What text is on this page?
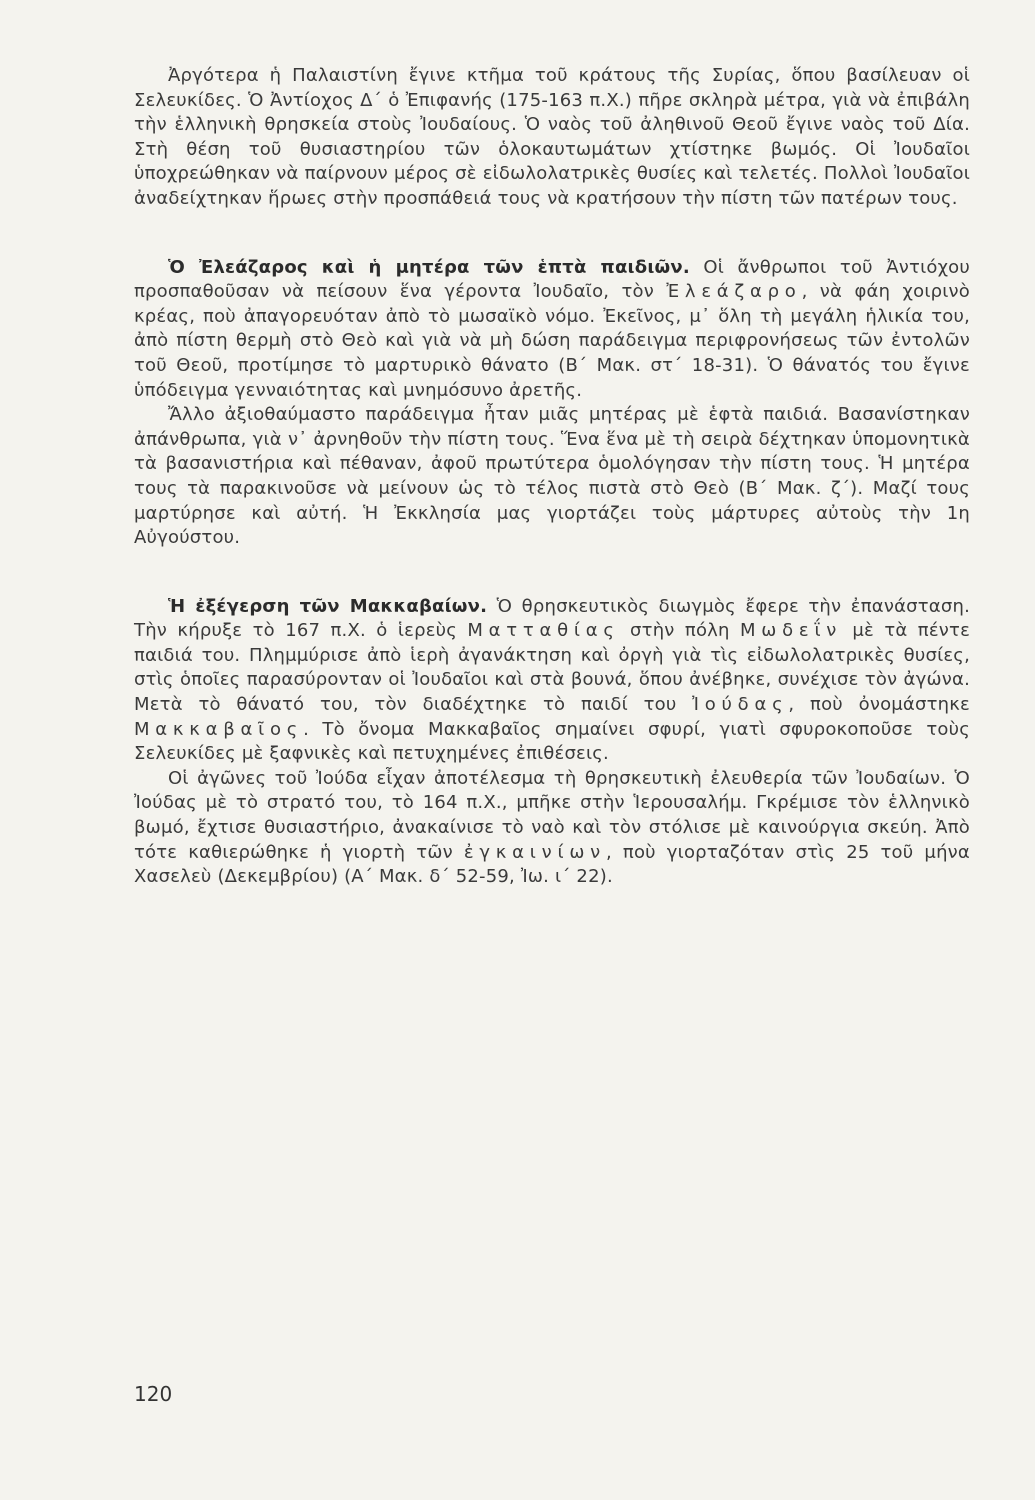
Ἀργότερα ἡ Παλαιστίνη ἔγινε κτῆμα τοῦ κράτους τῆς Συρίας, ὅπου βασίλευαν οἱ Σελευκίδες. Ὁ Ἀντίοχος Δ΄ ὁ Ἐπιφανής (175-163 π.Χ.) πῆρε σκληρὰ μέτρα, γιὰ νὰ ἐπιβάλη τὴν ἑλληνικὴ θρησκεία στοὺς Ἰουδαίους. Ὁ ναὸς τοῦ ἀληθινοῦ Θεοῦ ἔγινε ναὸς τοῦ Δία. Στὴ θέση τοῦ θυσιαστηρίου τῶν ὁλοκαυτωμάτων χτίστηκε βωμός. Οἱ Ἰουδαῖοι ὑποχρεώθηκαν νὰ παίρνουν μέρος σὲ εἰδωλολατρικὲς θυσίες καὶ τελετές. Πολλοὶ Ἰουδαῖοι ἀναδείχτηκαν ἥρωες στὴν προσπάθειά τους νὰ κρατήσουν τὴν πίστη τῶν πατέρων τους.

Ὁ Ἐλεάζαρος καὶ ἡ μητέρα τῶν ἑπτὰ παιδιῶν. Οἱ ἄνθρωποι τοῦ Ἀντιόχου προσπαθοῦσαν νὰ πείσουν ἕνα γέροντα Ἰουδαῖο, τὸν Ἐλεάζαρο, νὰ φάη χοιρινὸ κρέας, ποὺ ἀπαγορευόταν ἀπὸ τὸ μωσαϊκὸ νόμο. Ἐκεῖνος, μ᾿ ὅλη τὴ μεγάλη ἡλικία του, ἀπὸ πίστη θερμὴ στὸ Θεὸ καὶ γιὰ νὰ μὴ δώση παράδειγμα περιφρονήσεως τῶν ἐντολῶν τοῦ Θεοῦ, προτίμησε τὸ μαρτυρικὸ θάνατο (Β΄ Μακ. στ΄ 18-31). Ὁ θάνατός του ἔγινε ὑπόδειγμα γενναιότητας καὶ μνημόσυνο ἀρετῆς.

Ἄλλο ἀξιοθαύμαστο παράδειγμα ἦταν μιᾶς μητέρας μὲ ἑφτὰ παιδιά. Βασανίστηκαν ἀπάνθρωπα, γιὰ ν᾿ ἀρνηθοῦν τὴν πίστη τους. Ἕνα ἕνα μὲ τὴ σειρὰ δέχτηκαν ὑπομονητικὰ τὰ βασανιστήρια καὶ πέθαναν, ἀφοῦ πρωτύτερα ὁμολόγησαν τὴν πίστη τους. Ἡ μητέρα τους τὰ παρακινοῦσε νὰ μείνουν ὡς τὸ τέλος πιστὰ στὸ Θεὸ (Β΄ Μακ. ζ΄). Μαζί τους μαρτύρησε καὶ αὐτή. Ἡ Ἐκκλησία μας γιορτάζει τοὺς μάρτυρες αὐτοὺς τὴν 1η Αὐγούστου.

Ἡ ἐξέγερση τῶν Μακκαβαίων. Ὁ θρησκευτικὸς διωγμὸς ἔφερε τὴν ἐπανάσταση. Τὴν κήρυξε τὸ 167 π.Χ. ὁ ἱερεὺς Ματταθίας στὴν πόλη Μωδεΐν μὲ τὰ πέντε παιδιά του. Πλημμύρισε ἀπὸ ἱερὴ ἀγανάκτηση καὶ ὀργὴ γιὰ τὶς εἰδωλολατρικὲς θυσίες, στὶς ὁποῖες παρασύρονταν οἱ Ἰουδαῖοι καὶ στὰ βουνά, ὅπου ἀνέβηκε, συνέχισε τὸν ἀγώνα. Μετὰ τὸ θάνατό του, τὸν διαδέχτηκε τὸ παιδί του Ἰούδας, ποὺ ὀνομάστηκε Μακκαβαῖος. Τὸ ὄνομα Μακκαβαῖος σημαίνει σφυρί, γιατὶ σφυροκοποῦσε τοὺς Σελευκίδες μὲ ξαφνικὲς καὶ πετυχημένες ἐπιθέσεις.

Οἱ ἀγῶνες τοῦ Ἰούδα εἶχαν ἀποτέλεσμα τὴ θρησκευτικὴ ἐλευθερία τῶν Ἰουδαίων. Ὁ Ἰούδας μὲ τὸ στρατό του, τὸ 164 π.Χ., μπῆκε στὴν Ἱερουσαλήμ. Γκρέμισε τὸν ἑλληνικὸ βωμό, ἔχτισε θυσιαστήριο, ἀνακαίνισε τὸ ναὸ καὶ τὸν στόλισε μὲ καινούργια σκεύη. Ἀπὸ τότε καθιερώθηκε ἡ γιορτὴ τῶν ἐγκαινίων, ποὺ γιορταζόταν στὶς 25 τοῦ μήνα Χασελεὺ (Δεκεμβρίου) (Α΄ Μακ. δ΄ 52-59, Ἰω. ι΄ 22).

120
